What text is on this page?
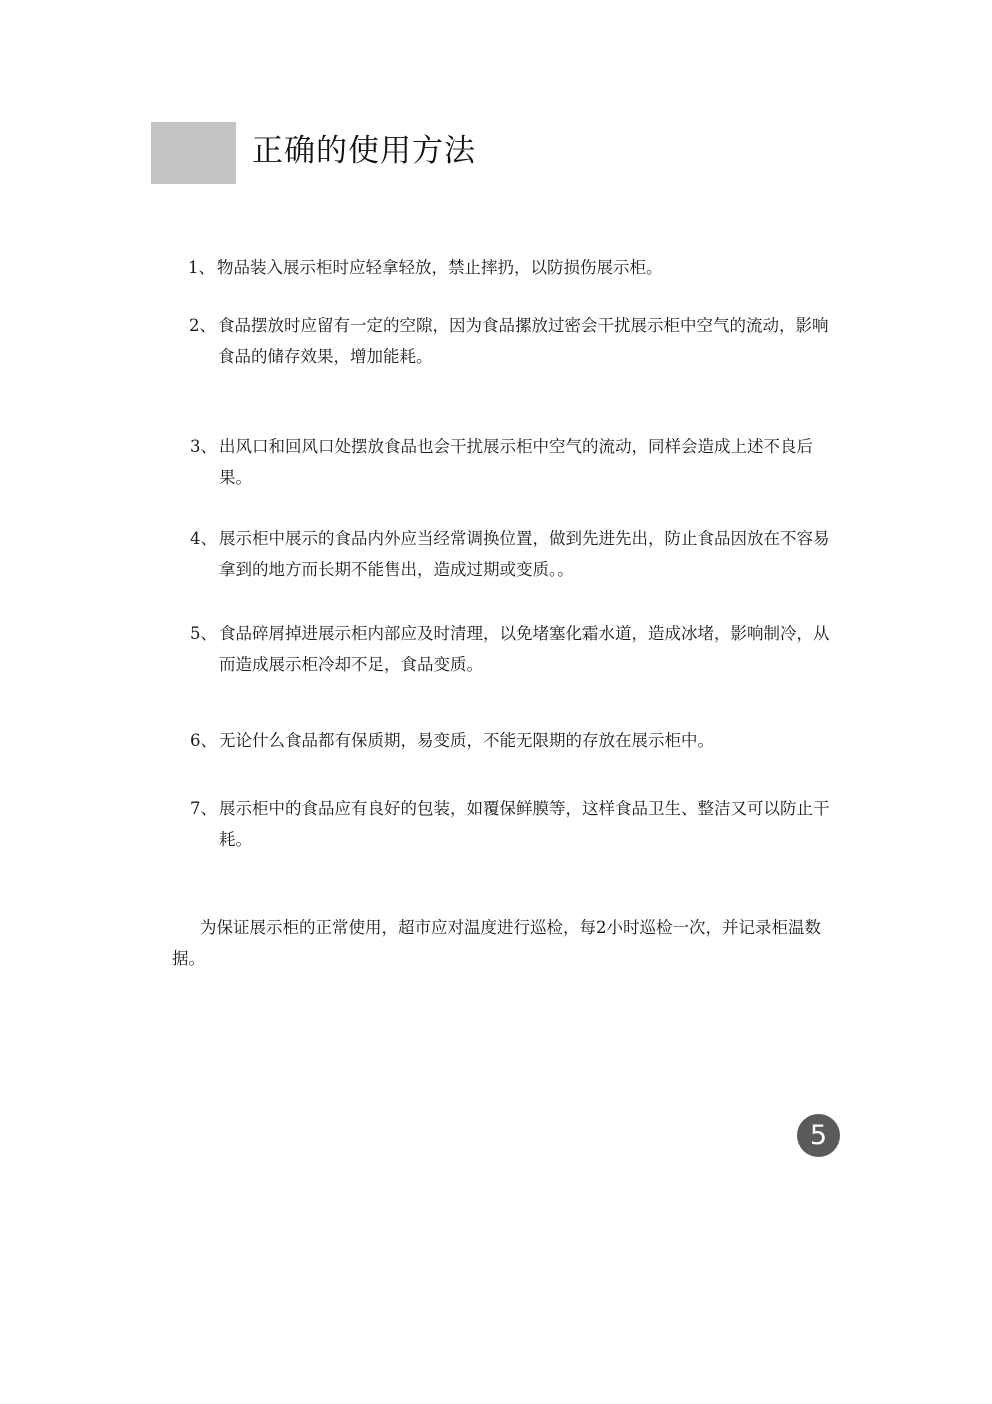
正确的使用方法
1、 物品装入展示柜时应轻拿轻放，禁止摔扔，以防损伤展示柜。
2、 食品摆放时应留有一定的空隙，因为食品摞放过密会干扰展示柜中空气的流动，影响食品的储存效果，增加能耗。
3、 出风口和回风口处摆放食品也会干扰展示柜中空气的流动，同样会造成上述不良后果。
4、 展示柜中展示的食品内外应当经常调换位置，做到先进先出，防止食品因放在不容易拿到的地方而长期不能售出，造成过期或变质。。
5、 食品碎屑掉进展示柜内部应及时清理，以免堵塞化霜水道，造成冰堵，影响制冷，从而造成展示柜冷却不足，食品变质。
6、 无论什么食品都有保质期，易变质，不能无限期的存放在展示柜中。
7、 展示柜中的食品应有良好的包装，如覆保鲜膜等，这样食品卫生、整洁又可以防止干耗。
为保证展示柜的正常使用，超市应对温度进行巡检，每2小时巡检一次，并记录柜温数据。
5
